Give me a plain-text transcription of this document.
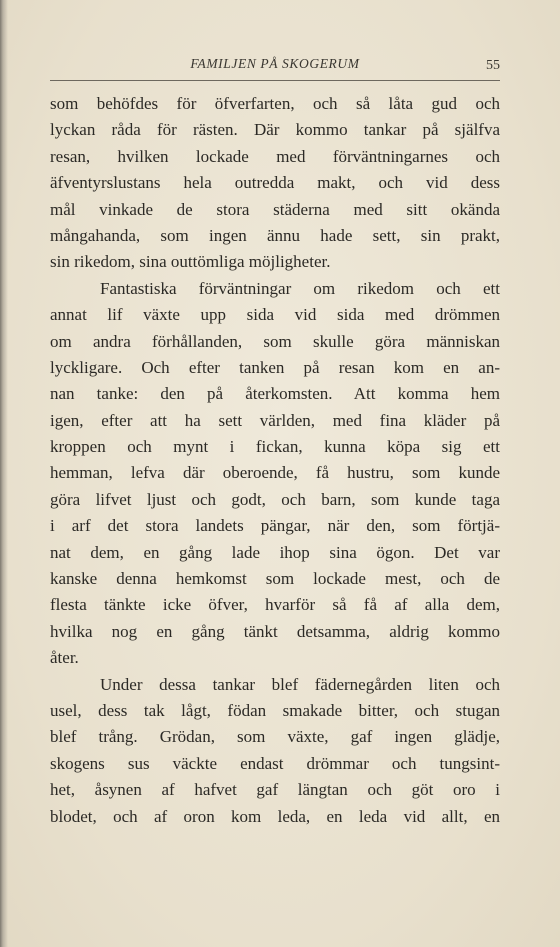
FAMILJEN PÅ SKOGERUM	55
som behöfdes för öfverfarten, och så låta gud och
lyckan råda för rästen. Där kommo tankar på själfva
resan, hvilken lockade med förväntningarnes och
äfventyrslustans hela outredda makt, och vid dess
mål vinkade de stora städerna med sitt okända
mångahanda, som ingen ännu hade sett, sin prakt,
sin rikedom, sina outtömliga möjligheter.
Fantastiska förväntningar om rikedom och ett
annat lif växte upp sida vid sida med drömmen
om andra förhållanden, som skulle göra människan
lyckligare. Och efter tanken på resan kom en an-
nan tanke: den på återkomsten. Att komma hem
igen, efter att ha sett världen, med fina kläder på
kroppen och mynt i fickan, kunna köpa sig ett
hemman, lefva där oberoende, få hustru, som kunde
göra lifvet ljust och godt, och barn, som kunde taga
i arf det stora landets pängar, när den, som förtjä-
nat dem, en gång lade ihop sina ögon. Det var
kanske denna hemkomst som lockade mest, och de
flesta tänkte icke öfver, hvarför så få af alla dem,
hvilka nog en gång tänkt detsamma, aldrig kommo
åter.
Under dessa tankar blef fädernegården liten och
usel, dess tak lågt, födan smakade bitter, och stugan
blef trång. Grödan, som växte, gaf ingen glädje,
skogens sus väckte endast drömmar och tungsint-
het, åsynen af hafvet gaf längtan och göt oro i
blodet, och af oron kom leda, en leda vid allt, en
